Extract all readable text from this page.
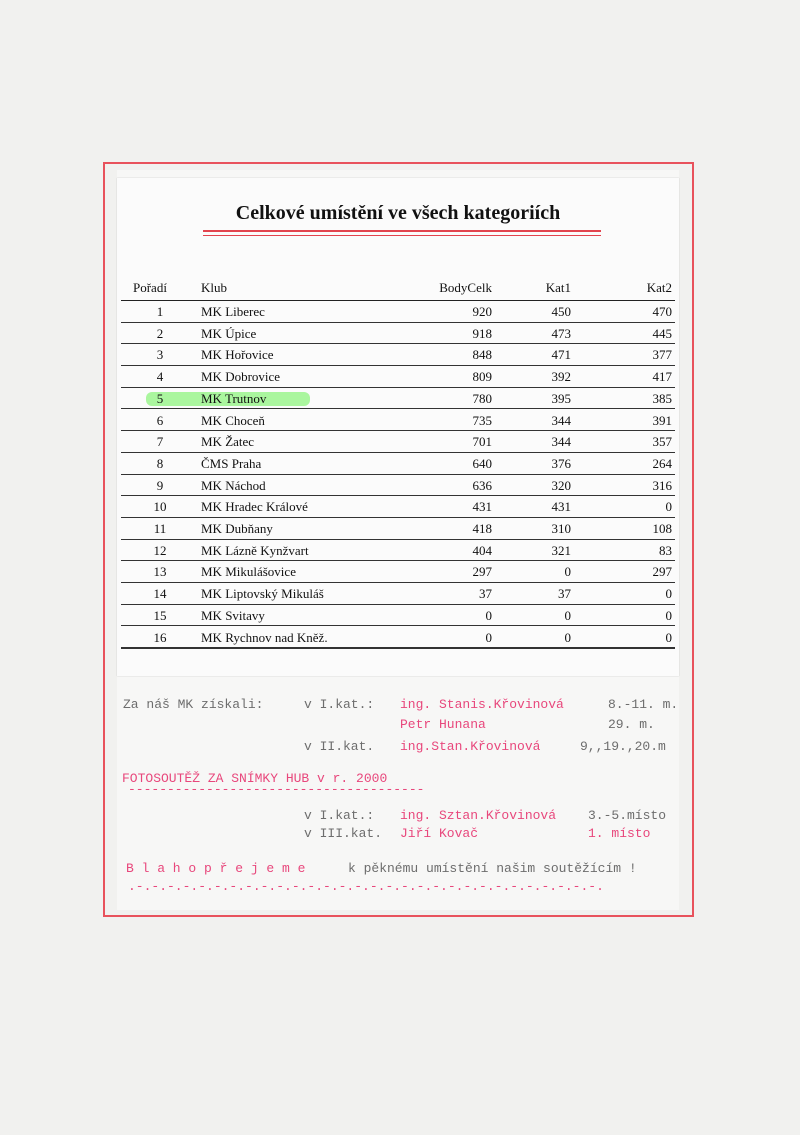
Celkové umístění ve všech kategoriích
Pořadí	Klub	BodyCelk	Kat1	Kat2
1	MK Liberec	920	450	470
2	MK Úpice	918	473	445
3	MK Hořovice	848	471	377
4	MK Dobrovice	809	392	417
5	MK Trutnov	780	395	385
6	MK Choceň	735	344	391
7	MK Žatec	701	344	357
8	ČMS Praha	640	376	264
9	MK Náchod	636	320	316
10	MK Hradec Králové	431	431	0
11	MK Dubňany	418	310	108
12	MK Lázně Kynžvart	404	321	83
13	MK Mikulášovice	297	0	297
14	MK Liptovský Mikuláš	37	37	0
15	MK Svitavy	0	0	0
16	MK Rychnov nad Kněž.	0	0	0
Za náš MK získali:	v I.kat.: ing. Stanis.Křovinová	8.-11. m.
Petr Hunana	29. m.
v II.kat. ing.Stan.Křovinová	9,,19.,20.m
FOTOSOUTĚŽ ZA SNÍMKY HUB v r. 2000
--------------------------------------
v I.kat.: ing. Sztan.Křovinová 3.-5.místo
v III.kat. Jiří Kovač	1. místo
B l a h o p ř e j e m e	k pěknému umístění našim soutěžícím !
.-.-.-.-.-.-.-.-.-.-.-.-.-.-.-.-.-.-.-.-.-.-.-.-.-.-.-.-.-.-.
